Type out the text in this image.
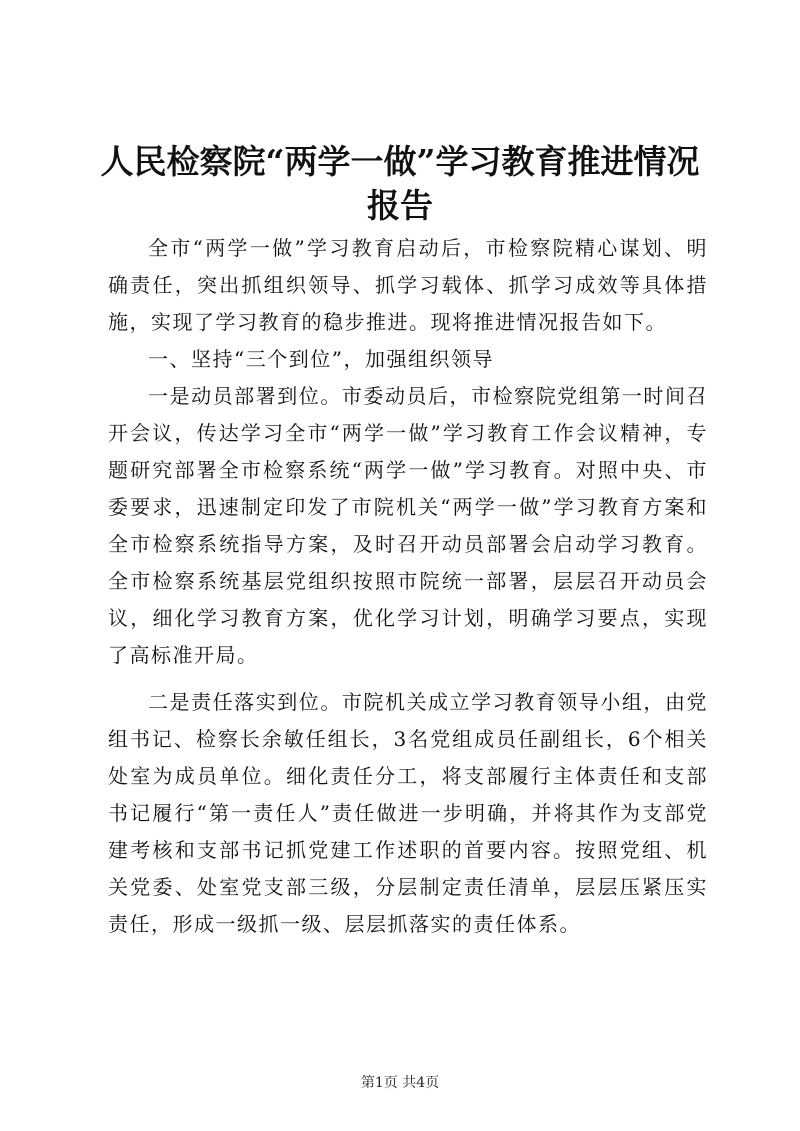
人民检察院“两学一做”学习教育推进情况报告

全市“两学一做”学习教育启动后，市检察院精心谋划、明确责任，突出抓组织领导、抓学习载体、抓学习成效等具体措施，实现了学习教育的稳步推进。现将推进情况报告如下。

一、坚持“三个到位”，加强组织领导

一是动员部署到位。市委动员后，市检察院党组第一时间召开会议，传达学习全市“两学一做”学习教育工作会议精神，专题研究部署全市检察系统“两学一做”学习教育。对照中央、市委要求，迅速制定印发了市院机关“两学一做”学习教育方案和全市检察系统指导方案，及时召开动员部署会启动学习教育。全市检察系统基层党组织按照市院统一部署，层层召开动员会议，细化学习教育方案，优化学习计划，明确学习要点，实现了高标准开局。

二是责任落实到位。市院机关成立学习教育领导小组，由党组书记、检察长余敏任组长，3名党组成员任副组长，6个相关处室为成员单位。细化责任分工，将支部履行主体责任和支部书记履行“第一责任人”责任做进一步明确，并将其作为支部党建考核和支部书记抓党建工作述职的首要内容。按照党组、机关党委、处室党支部三级，分层制定责任清单，层层压紧压实责任，形成一级抓一级、层层抓落实的责任体系。

第1页 共4页
